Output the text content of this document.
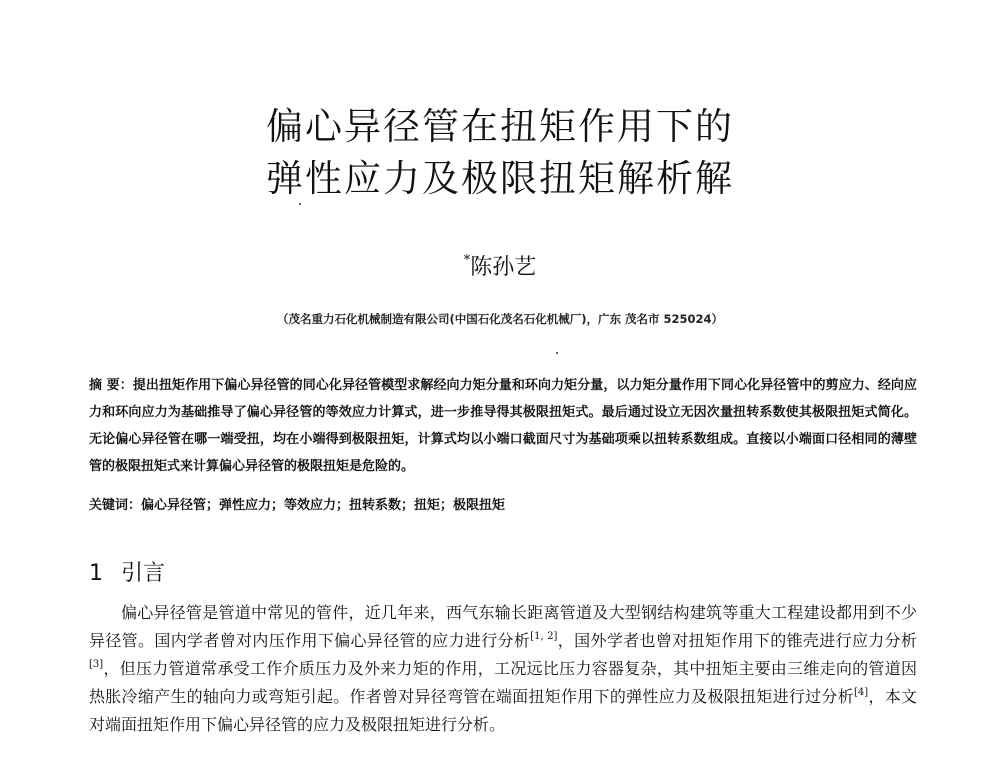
偏心异径管在扭矩作用下的
弹性应力及极限扭矩解析解
*陈孙艺
（茂名重力石化机械制造有限公司(中国石化茂名石化机械厂)，广东 茂名市 525024）
摘 要：提出扭矩作用下偏心异径管的同心化异径管模型求解经向力矩分量和环向力矩分量，以力矩分量作用下同心化异径管中的剪应力、经向应力和环向应力为基础推导了偏心异径管的等效应力计算式，进一步推导得其极限扭矩式。最后通过设立无因次量扭转系数使其极限扭矩式简化。无论偏心异径管在哪一端受扭，均在小端得到极限扭矩，计算式均以小端口截面尺寸为基础项乘以扭转系数组成。直接以小端面口径相同的薄壁管的极限扭矩式来计算偏心异径管的极限扭矩是危险的。
关键词：偏心异径管；弹性应力；等效应力；扭转系数；扭矩；极限扭矩
1 引言
偏心异径管是管道中常见的管件，近几年来，西气东输长距离管道及大型钢结构建筑等重大工程建设都用到不少异径管。国内学者曾对内压作用下偏心异径管的应力进行分析[1, 2]，国外学者也曾对扭矩作用下的锥壳进行应力分析[3]，但压力管道常承受工作介质压力及外来力矩的作用，工况远比压力容器复杂，其中扭矩主要由三维走向的管道因热胀冷缩产生的轴向力或弯矩引起。作者曾对异径弯管在端面扭矩作用下的弹性应力及极限扭矩进行过分析[4]，本文对端面扭矩作用下偏心异径管的应力及极限扭矩进行分析。
